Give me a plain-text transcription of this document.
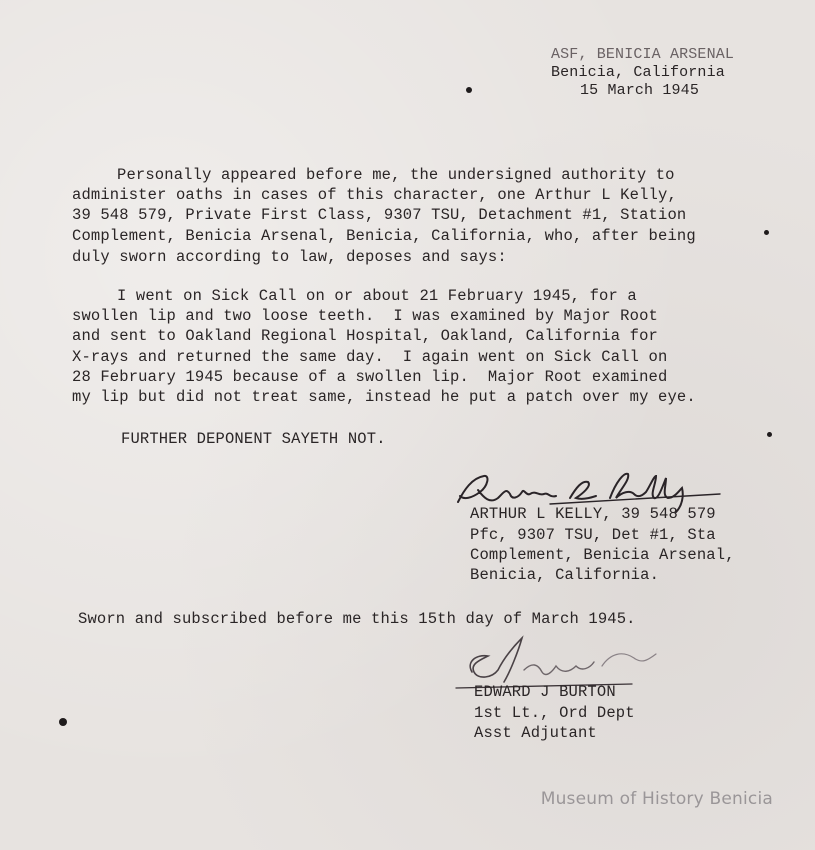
ASF, BENICIA ARSENAL
Benicia, California
15 March 1945
Personally appeared before me, the undersigned authority to
administer oaths in cases of this character, one Arthur L Kelly,
39 548 579, Private First Class, 9307 TSU, Detachment #1, Station
Complement, Benicia Arsenal, Benicia, California, who, after being
duly sworn according to law, deposes and says:
I went on Sick Call on or about 21 February 1945, for a
swollen lip and two loose teeth.  I was examined by Major Root
and sent to Oakland Regional Hospital, Oakland, California for
X-rays and returned the same day.  I again went on Sick Call on
28 February 1945 because of a swollen lip.  Major Root examined
my lip but did not treat same, instead he put a patch over my eye.
FURTHER DEPONENT SAYETH NOT.
ARTHUR L KELLY, 39 548 579
Pfc, 9307 TSU, Det #1, Sta
Complement, Benicia Arsenal,
Benicia, California.
Sworn and subscribed before me this 15th day of March 1945.
EDWARD J BURTON
1st Lt., Ord Dept
Asst Adjutant
Museum of History Benicia
